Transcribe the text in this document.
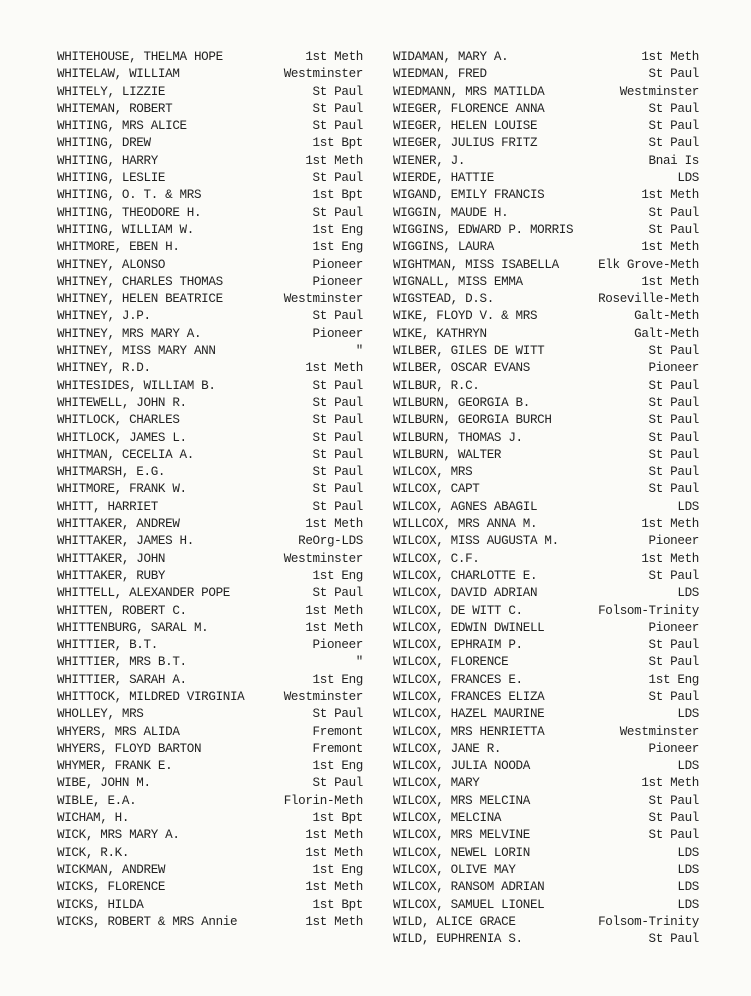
WHITEHOUSE, THELMA HOPE	1st Meth
WHITELAW, WILLIAM	Westminster
WHITELY, LIZZIE	St Paul
WHITEMAN, ROBERT	St Paul
WHITING, MRS ALICE	St Paul
WHITING, DREW	1st Bpt
WHITING, HARRY	1st Meth
WHITING, LESLIE	St Paul
WHITING, O. T. & MRS	1st Bpt
WHITING, THEODORE H.	St Paul
WHITING, WILLIAM W.	1st Eng
WHITMORE, EBEN H.	1st Eng
WHITNEY, ALONSO	Pioneer
WHITNEY, CHARLES THOMAS	Pioneer
WHITNEY, HELEN BEATRICE	Westminster
WHITNEY, J.P.	St Paul
WHITNEY, MRS MARY A.	Pioneer
WHITNEY, MISS MARY ANN	"
WHITNEY, R.D.	1st Meth
WHITESIDES, WILLIAM B.	St Paul
WHITEWELL, JOHN R.	St Paul
WHITLOCK, CHARLES	St Paul
WHITLOCK, JAMES L.	St Paul
WHITMAN, CECELIA A.	St Paul
WHITMARSH, E.G.	St Paul
WHITMORE, FRANK W.	St Paul
WHITT, HARRIET	St Paul
WHITTAKER, ANDREW	1st Meth
WHITTAKER, JAMES H.	ReOrg-LDS
WHITTAKER, JOHN	Westminster
WHITTAKER, RUBY	1st Eng
WHITTELL, ALEXANDER POPE	St Paul
WHITTEN, ROBERT C.	1st Meth
WHITTENBURG, SARAL M.	1st Meth
WHITTIER, B.T.	Pioneer
WHITTIER, MRS B.T.	"
WHITTIER, SARAH A.	1st Eng
WHITTOCK, MILDRED VIRGINIA	Westminster
WHOLLEY, MRS	St Paul
WHYERS, MRS ALIDA	Fremont
WHYERS, FLOYD BARTON	Fremont
WHYMER, FRANK E.	1st Eng
WIBE, JOHN M.	St Paul
WIBLE, E.A.	Florin-Meth
WICHAM, H.	1st Bpt
WICK, MRS MARY A.	1st Meth
WICK, R.K.	1st Meth
WICKMAN, ANDREW	1st Eng
WICKS, FLORENCE	1st Meth
WICKS, HILDA	1st Bpt
WICKS, ROBERT & MRS Annie	1st Meth
WIDAMAN, MARY A.	1st Meth
WIEDMAN, FRED	St Paul
WIEDMANN, MRS MATILDA	Westminster
WIEGER, FLORENCE ANNA	St Paul
WIEGER, HELEN LOUISE	St Paul
WIEGER, JULIUS FRITZ	St Paul
WIENER, J.	Bnai Is
WIERDE, HATTIE	LDS
WIGAND, EMILY FRANCIS	1st Meth
WIGGIN, MAUDE H.	St Paul
WIGGINS, EDWARD P. MORRIS	St Paul
WIGGINS, LAURA	1st Meth
WIGHTMAN, MISS ISABELLA	Elk Grove-Meth
WIGNALL, MISS EMMA	1st Meth
WIGSTEAD, D.S.	Roseville-Meth
WIKE, FLOYD V. & MRS	Galt-Meth
WIKE, KATHRYN	Galt-Meth
WILBER, GILES DE WITT	St Paul
WILBER, OSCAR EVANS	Pioneer
WILBUR, R.C.	St Paul
WILBURN, GEORGIA B.	St Paul
WILBURN, GEORGIA BURCH	St Paul
WILBURN, THOMAS J.	St Paul
WILBURN, WALTER	St Paul
WILCOX, MRS	St Paul
WILCOX, CAPT	St Paul
WILCOX, AGNES ABAGIL	LDS
WILLCOX, MRS ANNA M.	1st Meth
WILCOX, MISS AUGUSTA M.	Pioneer
WILCOX, C.F.	1st Meth
WILCOX, CHARLOTTE E.	St Paul
WILCOX, DAVID ADRIAN	LDS
WILCOX, DE WITT C.	Folsom-Trinity
WILCOX, EDWIN DWINELL	Pioneer
WILCOX, EPHRAIM P.	St Paul
WILCOX, FLORENCE	St Paul
WILCOX, FRANCES E.	1st Eng
WILCOX, FRANCES ELIZA	St Paul
WILCOX, HAZEL MAURINE	LDS
WILCOX, MRS HENRIETTA	Westminster
WILCOX, JANE R.	Pioneer
WILCOX, JULIA NOODA	LDS
WILCOX, MARY	1st Meth
WILCOX, MRS MELCINA	St Paul
WILCOX, MELCINA	St Paul
WILCOX, MRS MELVINE	St Paul
WILCOX, NEWEL LORIN	LDS
WILCOX, OLIVE MAY	LDS
WILCOX, RANSOM ADRIAN	LDS
WILCOX, SAMUEL LIONEL	LDS
WILD, ALICE GRACE	Folsom-Trinity
WILD, EUPHRENIA S.	St Paul
